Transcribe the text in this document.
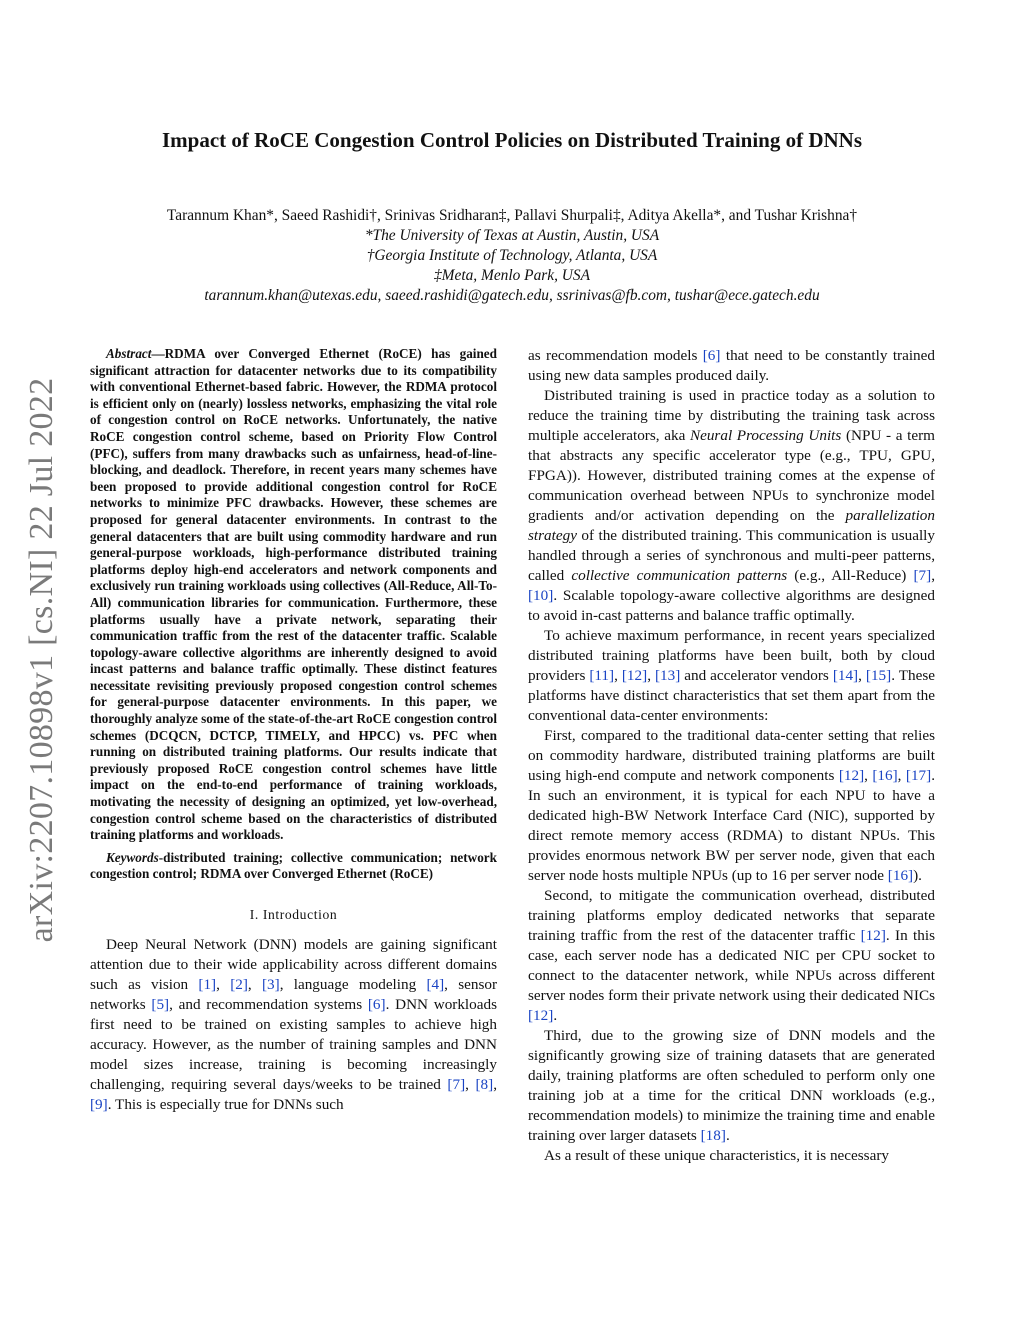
arXiv:2207.10898v1 [cs.NI] 22 Jul 2022
Impact of RoCE Congestion Control Policies on Distributed Training of DNNs
Tarannum Khan*, Saeed Rashidi†, Srinivas Sridharan‡, Pallavi Shurpali‡, Aditya Akella*, and Tushar Krishna†
*The University of Texas at Austin, Austin, USA
†Georgia Institute of Technology, Atlanta, USA
‡Meta, Menlo Park, USA
tarannum.khan@utexas.edu, saeed.rashidi@gatech.edu, ssrinivas@fb.com, tushar@ece.gatech.edu

Abstract—RDMA over Converged Ethernet (RoCE) has gained significant attraction for datacenter networks due to its compatibility with conventional Ethernet-based fabric. However, the RDMA protocol is efficient only on (nearly) lossless networks, emphasizing the vital role of congestion control on RoCE networks. Unfortunately, the native RoCE congestion control scheme, based on Priority Flow Control (PFC), suffers from many drawbacks such as unfairness, head-of-line-blocking, and deadlock. Therefore, in recent years many schemes have been proposed to provide additional congestion control for RoCE networks to minimize PFC drawbacks. However, these schemes are proposed for general datacenter environments. In contrast to the general datacenters that are built using commodity hardware and run general-purpose workloads, high-performance distributed training platforms deploy high-end accelerators and network components and exclusively run training workloads using collectives (All-Reduce, All-To-All) communication libraries for communication. Furthermore, these platforms usually have a private network, separating their communication traffic from the rest of the datacenter traffic. Scalable topology-aware collective algorithms are inherently designed to avoid incast patterns and balance traffic optimally. These distinct features necessitate revisiting previously proposed congestion control schemes for general-purpose datacenter environments. In this paper, we thoroughly analyze some of the state-of-the-art RoCE congestion control schemes (DCQCN, DCTCP, TIMELY, and HPCC) vs. PFC when running on distributed training platforms. Our results indicate that previously proposed RoCE congestion control schemes have little impact on the end-to-end performance of training workloads, motivating the necessity of designing an optimized, yet low-overhead, congestion control scheme based on the characteristics of distributed training platforms and workloads.

Keywords-distributed training; collective communication; network congestion control; RDMA over Converged Ethernet (RoCE)

I. Introduction

Deep Neural Network (DNN) models are gaining significant attention due to their wide applicability across different domains such as vision [1], [2], [3], language modeling [4], sensor networks [5], and recommendation systems [6]. DNN workloads first need to be trained on existing samples to achieve high accuracy. However, as the number of training samples and DNN model sizes increase, training is becoming increasingly challenging, requiring several days/weeks to be trained [7], [8], [9]. This is especially true for DNNs such

as recommendation models [6] that need to be constantly trained using new data samples produced daily.

Distributed training is used in practice today as a solution to reduce the training time by distributing the training task across multiple accelerators, aka Neural Processing Units (NPU - a term that abstracts any specific accelerator type (e.g., TPU, GPU, FPGA)). However, distributed training comes at the expense of communication overhead between NPUs to synchronize model gradients and/or activation depending on the parallelization strategy of the distributed training. This communication is usually handled through a series of synchronous and multi-peer patterns, called collective communication patterns (e.g., All-Reduce) [7], [10]. Scalable topology-aware collective algorithms are designed to avoid in-cast patterns and balance traffic optimally.

To achieve maximum performance, in recent years specialized distributed training platforms have been built, both by cloud providers [11], [12], [13] and accelerator vendors [14], [15]. These platforms have distinct characteristics that set them apart from the conventional data-center environments:

First, compared to the traditional data-center setting that relies on commodity hardware, distributed training platforms are built using high-end compute and network components [12], [16], [17]. In such an environment, it is typical for each NPU to have a dedicated high-BW Network Interface Card (NIC), supported by direct remote memory access (RDMA) to distant NPUs. This provides enormous network BW per server node, given that each server node hosts multiple NPUs (up to 16 per server node [16]).

Second, to mitigate the communication overhead, distributed training platforms employ dedicated networks that separate training traffic from the rest of the datacenter traffic [12]. In this case, each server node has a dedicated NIC per CPU socket to connect to the datacenter network, while NPUs across different server nodes form their private network using their dedicated NICs [12].

Third, due to the growing size of DNN models and the significantly growing size of training datasets that are generated daily, training platforms are often scheduled to perform only one training job at a time for the critical DNN workloads (e.g., recommendation models) to minimize the training time and enable training over larger datasets [18].

As a result of these unique characteristics, it is necessary
